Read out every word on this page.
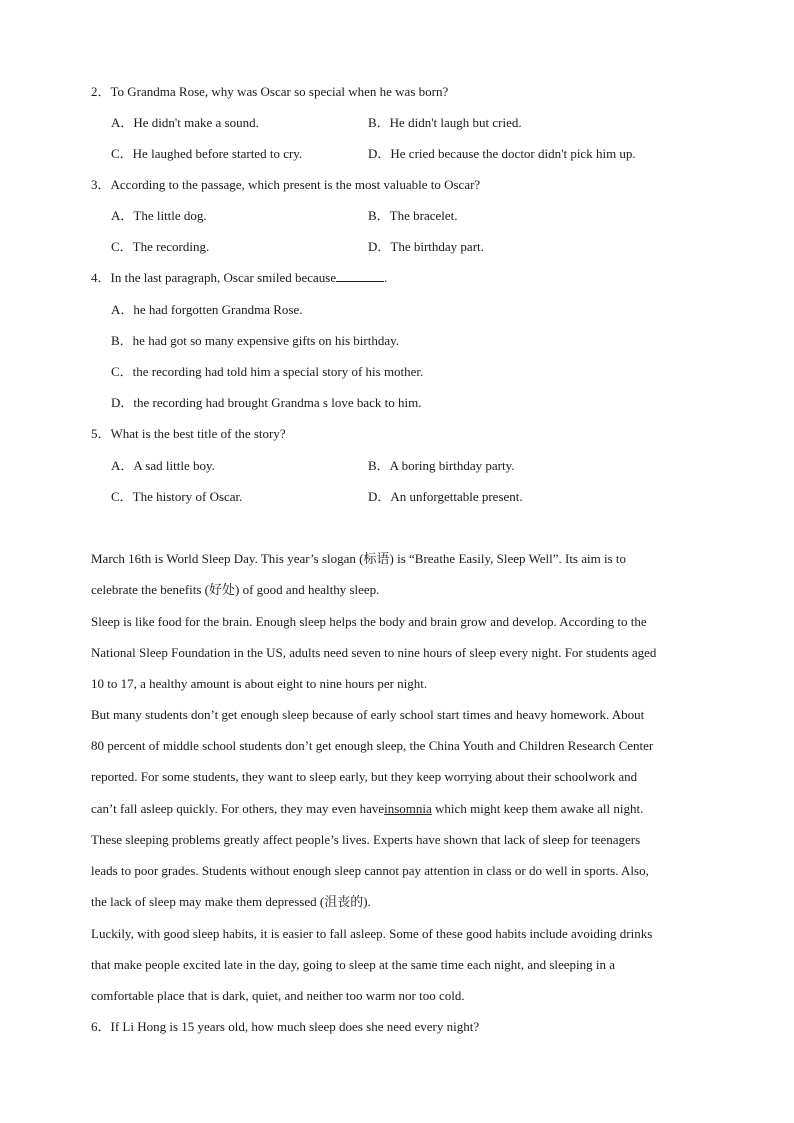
2．To Grandma Rose, why was Oscar so special when he was born?
A．He didn't make a sound.	B．He didn't laugh but cried.
C．He laughed before started to cry.	D．He cried because the doctor didn't pick him up.
3．According to the passage, which present is the most valuable to Oscar?
A．The little dog.	B．The bracelet.
C．The recording.	D．The birthday part.
4．In the last paragraph, Oscar smiled because	.
A．he had forgotten Grandma Rose.
B．he had got so many expensive gifts on his birthday.
C．the recording had told him a special story of his mother.
D．the recording had brought Grandma s love back to him.
5．What is the best title of the story?
A．A sad little boy.	B．A boring birthday party.
C．The history of Oscar.	D．An unforgettable present.
March 16th is World Sleep Day. This year’s slogan (标语) is “Breathe Easily, Sleep Well”. Its aim is to
celebrate the benefits (好处) of good and healthy sleep.
Sleep is like food for the brain. Enough sleep helps the body and brain grow and develop. According to the
National Sleep Foundation in the US, adults need seven to nine hours of sleep every night. For students aged
10 to 17, a healthy amount is about eight to nine hours per night.
But many students don’t get enough sleep because of early school start times and heavy homework. About
80 percent of middle school students don’t get enough sleep, the China Youth and Children Research Center
reported. For some students, they want to sleep early, but they keep worrying about their schoolwork and
can’t fall asleep quickly. For others, they may even haveinsomnia which might keep them awake all night.
These sleeping problems greatly affect people’s lives. Experts have shown that lack of sleep for teenagers
leads to poor grades. Students without enough sleep cannot pay attention in class or do well in sports. Also,
the lack of sleep may make them depressed (沮丧的).
Luckily, with good sleep habits, it is easier to fall asleep. Some of these good habits include avoiding drinks
that make people excited late in the day, going to sleep at the same time each night, and sleeping in a
comfortable place that is dark, quiet, and neither too warm nor too cold.
6．If Li Hong is 15 years old, how much sleep does she need every night?
